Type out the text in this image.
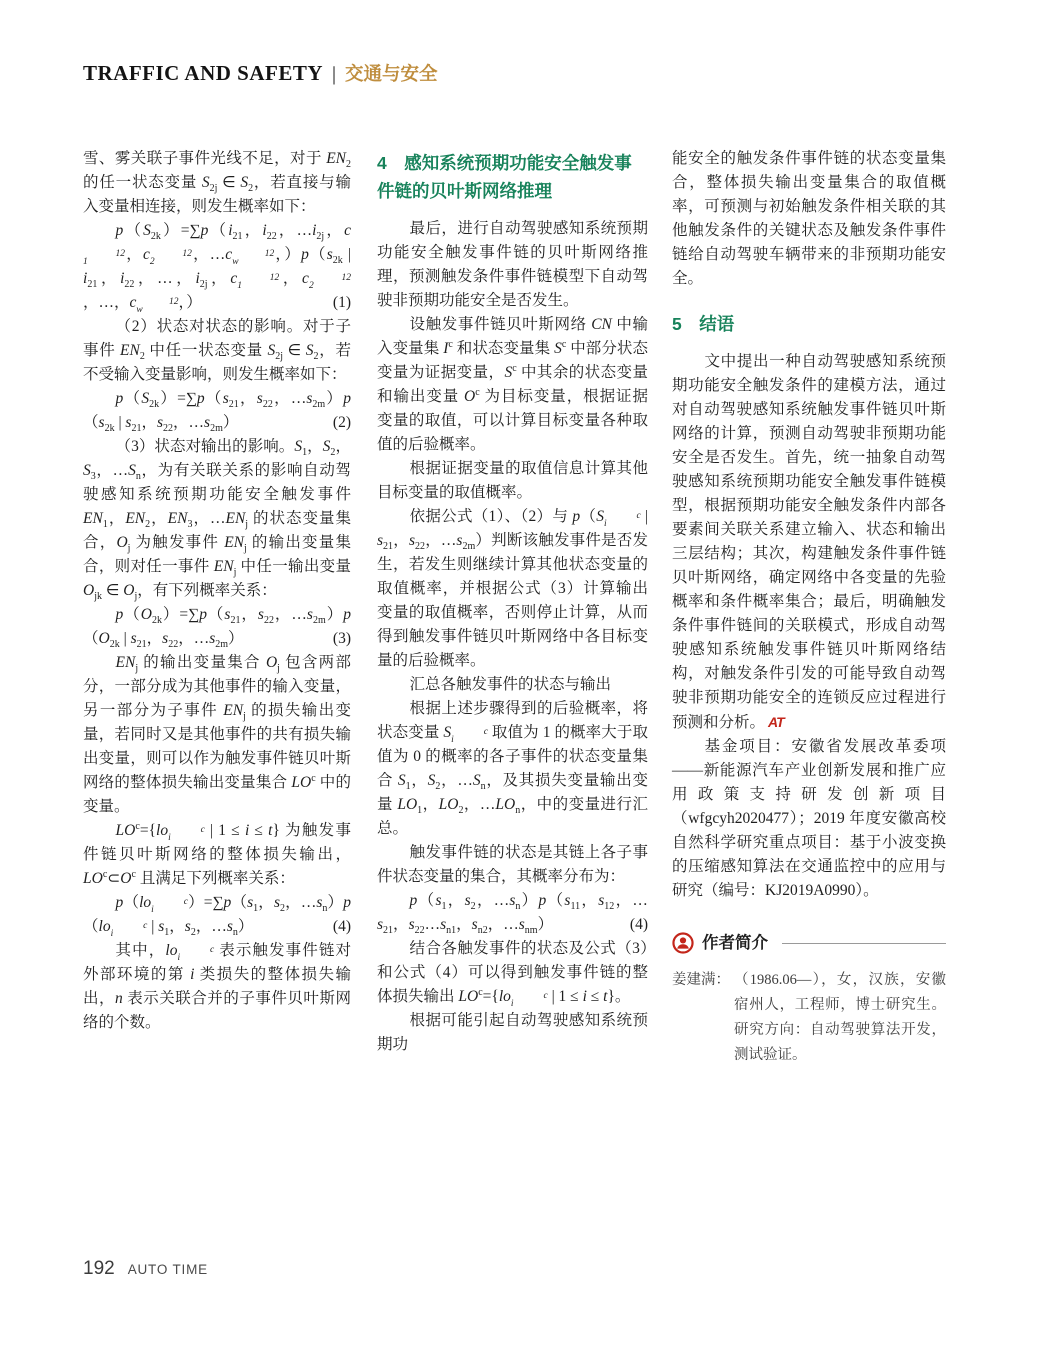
TRAFFIC AND SAFETY | 交通与安全

雪、雾关联子事件光线不足，对于 $EN_2$ 的任一状态变量 $S_{2j}$ ∈ $S_2$，若直接与输入变量相连接，则发生概率如下：

$p(S_{2k})=\sum p(i_{21}$，$i_{22}$，$\dots i_{2j}$，c12
1 ，c	12
2 ，…c	12
w ，）$p(s_{2k}$ | $i_{21}$，$i_{22}$，…，$i_{2j}$，c	12
1 ，c	12
2，…，c	12
w ，）	(1)

（2）状态对状态的影响。对于子事件 $EN_2$ 中任一状态变量 $S_{2j}$ ∈ $S_2$，若不受输入变量影响，则发生概率如下：

$p(S_{2k})=\sum p(s_{21}$，$s_{22}$，$\dots s_{2m})p(s_{2k}$ | $s_{21}$，$s_{22}$，$\dots s_{2m}$）	(2)

（3）状态对输出的影响。$S_1$，$S_2$，$S_3$，$\dots S_n$，为有关联关系的影响自动驾驶感知系统预期功能安全触发事件 $EN_1$，$EN_2$，$EN_3$，$\dots EN_j$ 的状态变量集合，$O_j$ 为触发事件 $EN_j$ 的输出变量集合，则对任一事件 $EN_j$ 中任一输出变量 $O_{jk}$ ∈ $O_j$，有下列概率关系：

$p(O_{2k})=\sum p(s_{21}$，$s_{22}$，$\dots s_{2m})p(O_{2k}$ | $s_{21}$，$s_{22}$，$\dots s_{2m}$）	(3)

$EN_j$ 的输出变量集合 $O_j$ 包含两部分，一部分成为其他事件的输入变量，另一部分为子事件 $EN_j$ 的损失输出变量，若同时又是其他事件的共有损失输出变量，则可以作为触发事件链贝叶斯网络的整体损失输出变量集合 $LO^c$ 中的变量。

$LO^c=\{lo$	c
i | 1 ≤ i ≤ t} 为触发事件链贝叶斯网络的整体损失输出，$LO^c\subset O^c$ 且满足下列概率关系：

p（lo	c
i ）$=\sum p(s_1$，$s_2$，$\dots s_n)p(lo$	c
i | $s_1$，$s_2$，$\dots s_n$）	(4)

其中，lo	c
i 表示触发事件链对外部环境的第 i 类损失的整体损失输出，n 表示关联合并的子事件贝叶斯网络的个数。

4　感知系统预期功能安全触发事件链的贝叶斯网络推理

最后，进行自动驾驶感知系统预期功能安全触发事件链的贝叶斯网络推理，预测触发条件事件链模型下自动驾驶非预期功能安全是否发生。

设触发事件链贝叶斯网络 CN 中输入变量集 $I^c$ 和状态变量集 $S^c$ 中部分状态变量为证据变量，$S^c$ 中其余的状态变量和输出变量 $O^c$ 为目标变量，根据证据变量的取值，可以计算目标变量各种取值的后验概率。

根据证据变量的取值信息计算其他目标变量的取值概率。

依据公式（1）、（2）与 p（S	c
i | $s_{21}$，$s_{22}$，$\dots s_{2m}$）判断该触发事件是否发生，若发生则继续计算其他状态变量的取值概率，并根据公式（3）计算输出变量的取值概率，否则停止计算，从而得到触发事件链贝叶斯网络中各目标变量的后验概率。

汇总各触发事件的状态与输出

根据上述步骤得到的后验概率，将状态变量 S	c
i 取值为 1 的概率大于取值为 0 的概率的各子事件的状态变量集合 $S_1$，$S_2$，$\dots S_n$，及其损失变量输出变量 $LO_1$，$LO_2$，$\dots LO_n$，中的变量进行汇总。

触发事件链的状态是其链上各子事件状态变量的集合，其概率分布为：

$p(s_1$，$s_2$，$\dots s_n)p(s_{11}$，$s_{12}$，$\dots s_{21}$，$s_{22}\dots s_{n1}$，$s_{n2}$，$\dots s_{nm}$）	(4)

结合各触发事件的状态及公式（3）和公式（4）可以得到触发事件链的整体损失输出 $LO^c=\{lo$	c
i | 1 ≤ i ≤ t}。

根据可能引起自动驾驶感知系统预期功

能安全的触发条件事件链的状态变量集合，整体损失输出变量集合的取值概率，可预测与初始触发条件相关联的其他触发条件的关键状态及触发条件事件链给自动驾驶车辆带来的非预期功能安全。

5　结语

文中提出一种自动驾驶感知系统预期功能安全触发条件的建模方法，通过对自动驾驶感知系统触发事件链贝叶斯网络的计算，预测自动驾驶非预期功能安全是否发生。首先，统一抽象自动驾驶感知系统预期功能安全触发事件链模型，根据预期功能安全触发条件内部各要素间关联关系建立输入、状态和输出三层结构；其次，构建触发条件事件链贝叶斯网络，确定网络中各变量的先验概率和条件概率集合；最后，明确触发条件事件链间的关联模式，形成自动驾驶感知系统触发事件链贝叶斯网络结构，对触发条件引发的可能导致自动驾驶非预期功能安全的连锁反应过程进行预测和分析。 AT

基金项目：安徽省发展改革委项——新能源汽车产业创新发展和推广应用政策支持研发创新项目（wfgcyh2020477）；2019 年度安徽高校自然科学研究重点项目：基于小波变换的压缩感知算法在交通监控中的应用与研究（编号：KJ2019A0990）。

作者简介
姜建满： （1986.06—），女，汉族，安徽宿州人，工程师，博士研究生。研究方向：自动驾驶算法开发，测试验证。
192 AUTO TIME
